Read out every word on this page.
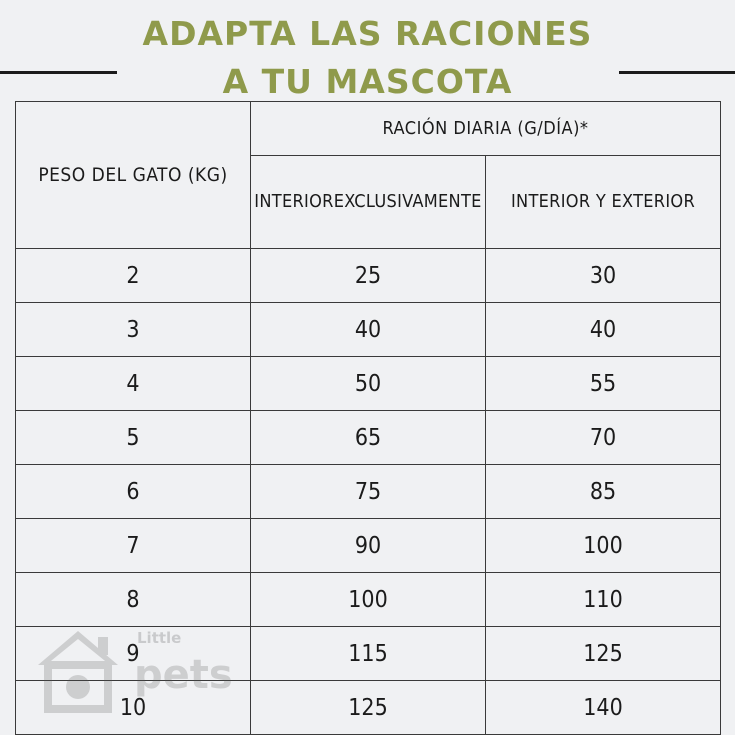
ADAPTA LAS RACIONES
A TU MASCOTA
PESO DEL GATO (KG)	RACIÓN DIARIA (G/DÍA)*	
	INTERIOREXCLUSIVAMENTE	INTERIOR Y EXTERIOR
2	25	30
3	40	40
4	50	55
5	65	70
6	75	85
7	90	100
8	100	110
9	115	125
10	125	140
Little
pets
